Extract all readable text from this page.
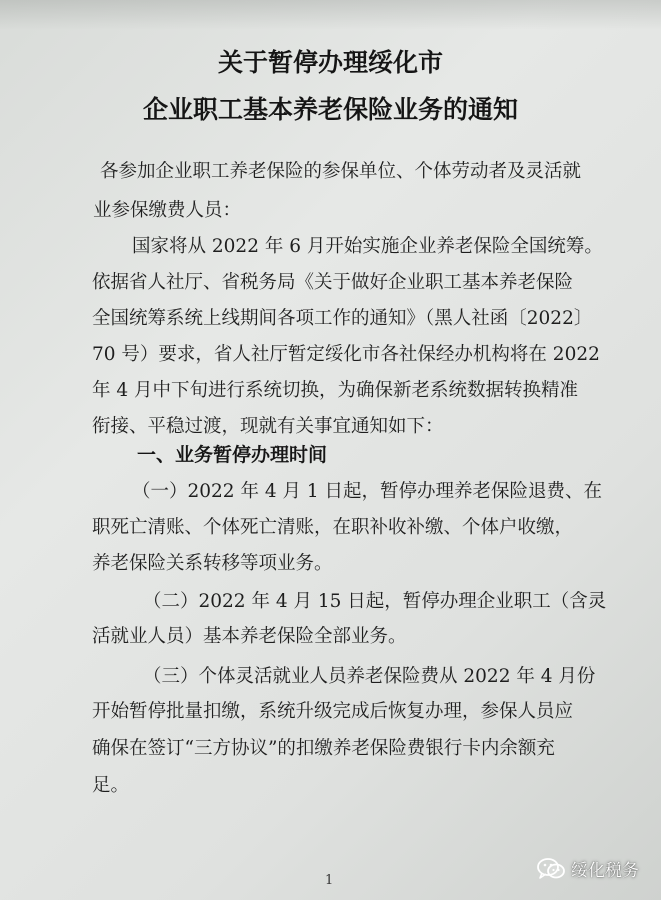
关于暂停办理绥化市
企业职工基本养老保险业务的通知
各参加企业职工养老保险的参保单位、个体劳动者及灵活就
业参保缴费人员：
国家将从 2022 年 6 月开始实施企业养老保险全国统筹。
依据省人社厅、省税务局《关于做好企业职工基本养老保险
全国统筹系统上线期间各项工作的通知》（黑人社函〔2022〕
70 号）要求，省人社厅暂定绥化市各社保经办机构将在 2022
年 4 月中下旬进行系统切换，为确保新老系统数据转换精准
衔接、平稳过渡，现就有关事宜通知如下：
一、业务暂停办理时间
（一）2022 年 4 月 1 日起，暂停办理养老保险退费、在
职死亡清账、个体死亡清账，在职补收补缴、个体户收缴，
养老保险关系转移等项业务。
（二）2022 年 4 月 15 日起，暂停办理企业职工（含灵
活就业人员）基本养老保险全部业务。
（三）个体灵活就业人员养老保险费从 2022 年 4 月份
开始暂停批量扣缴，系统升级完成后恢复办理，参保人员应
确保在签订“三方协议”的扣缴养老保险费银行卡内余额充
足。
1	绥化税务
